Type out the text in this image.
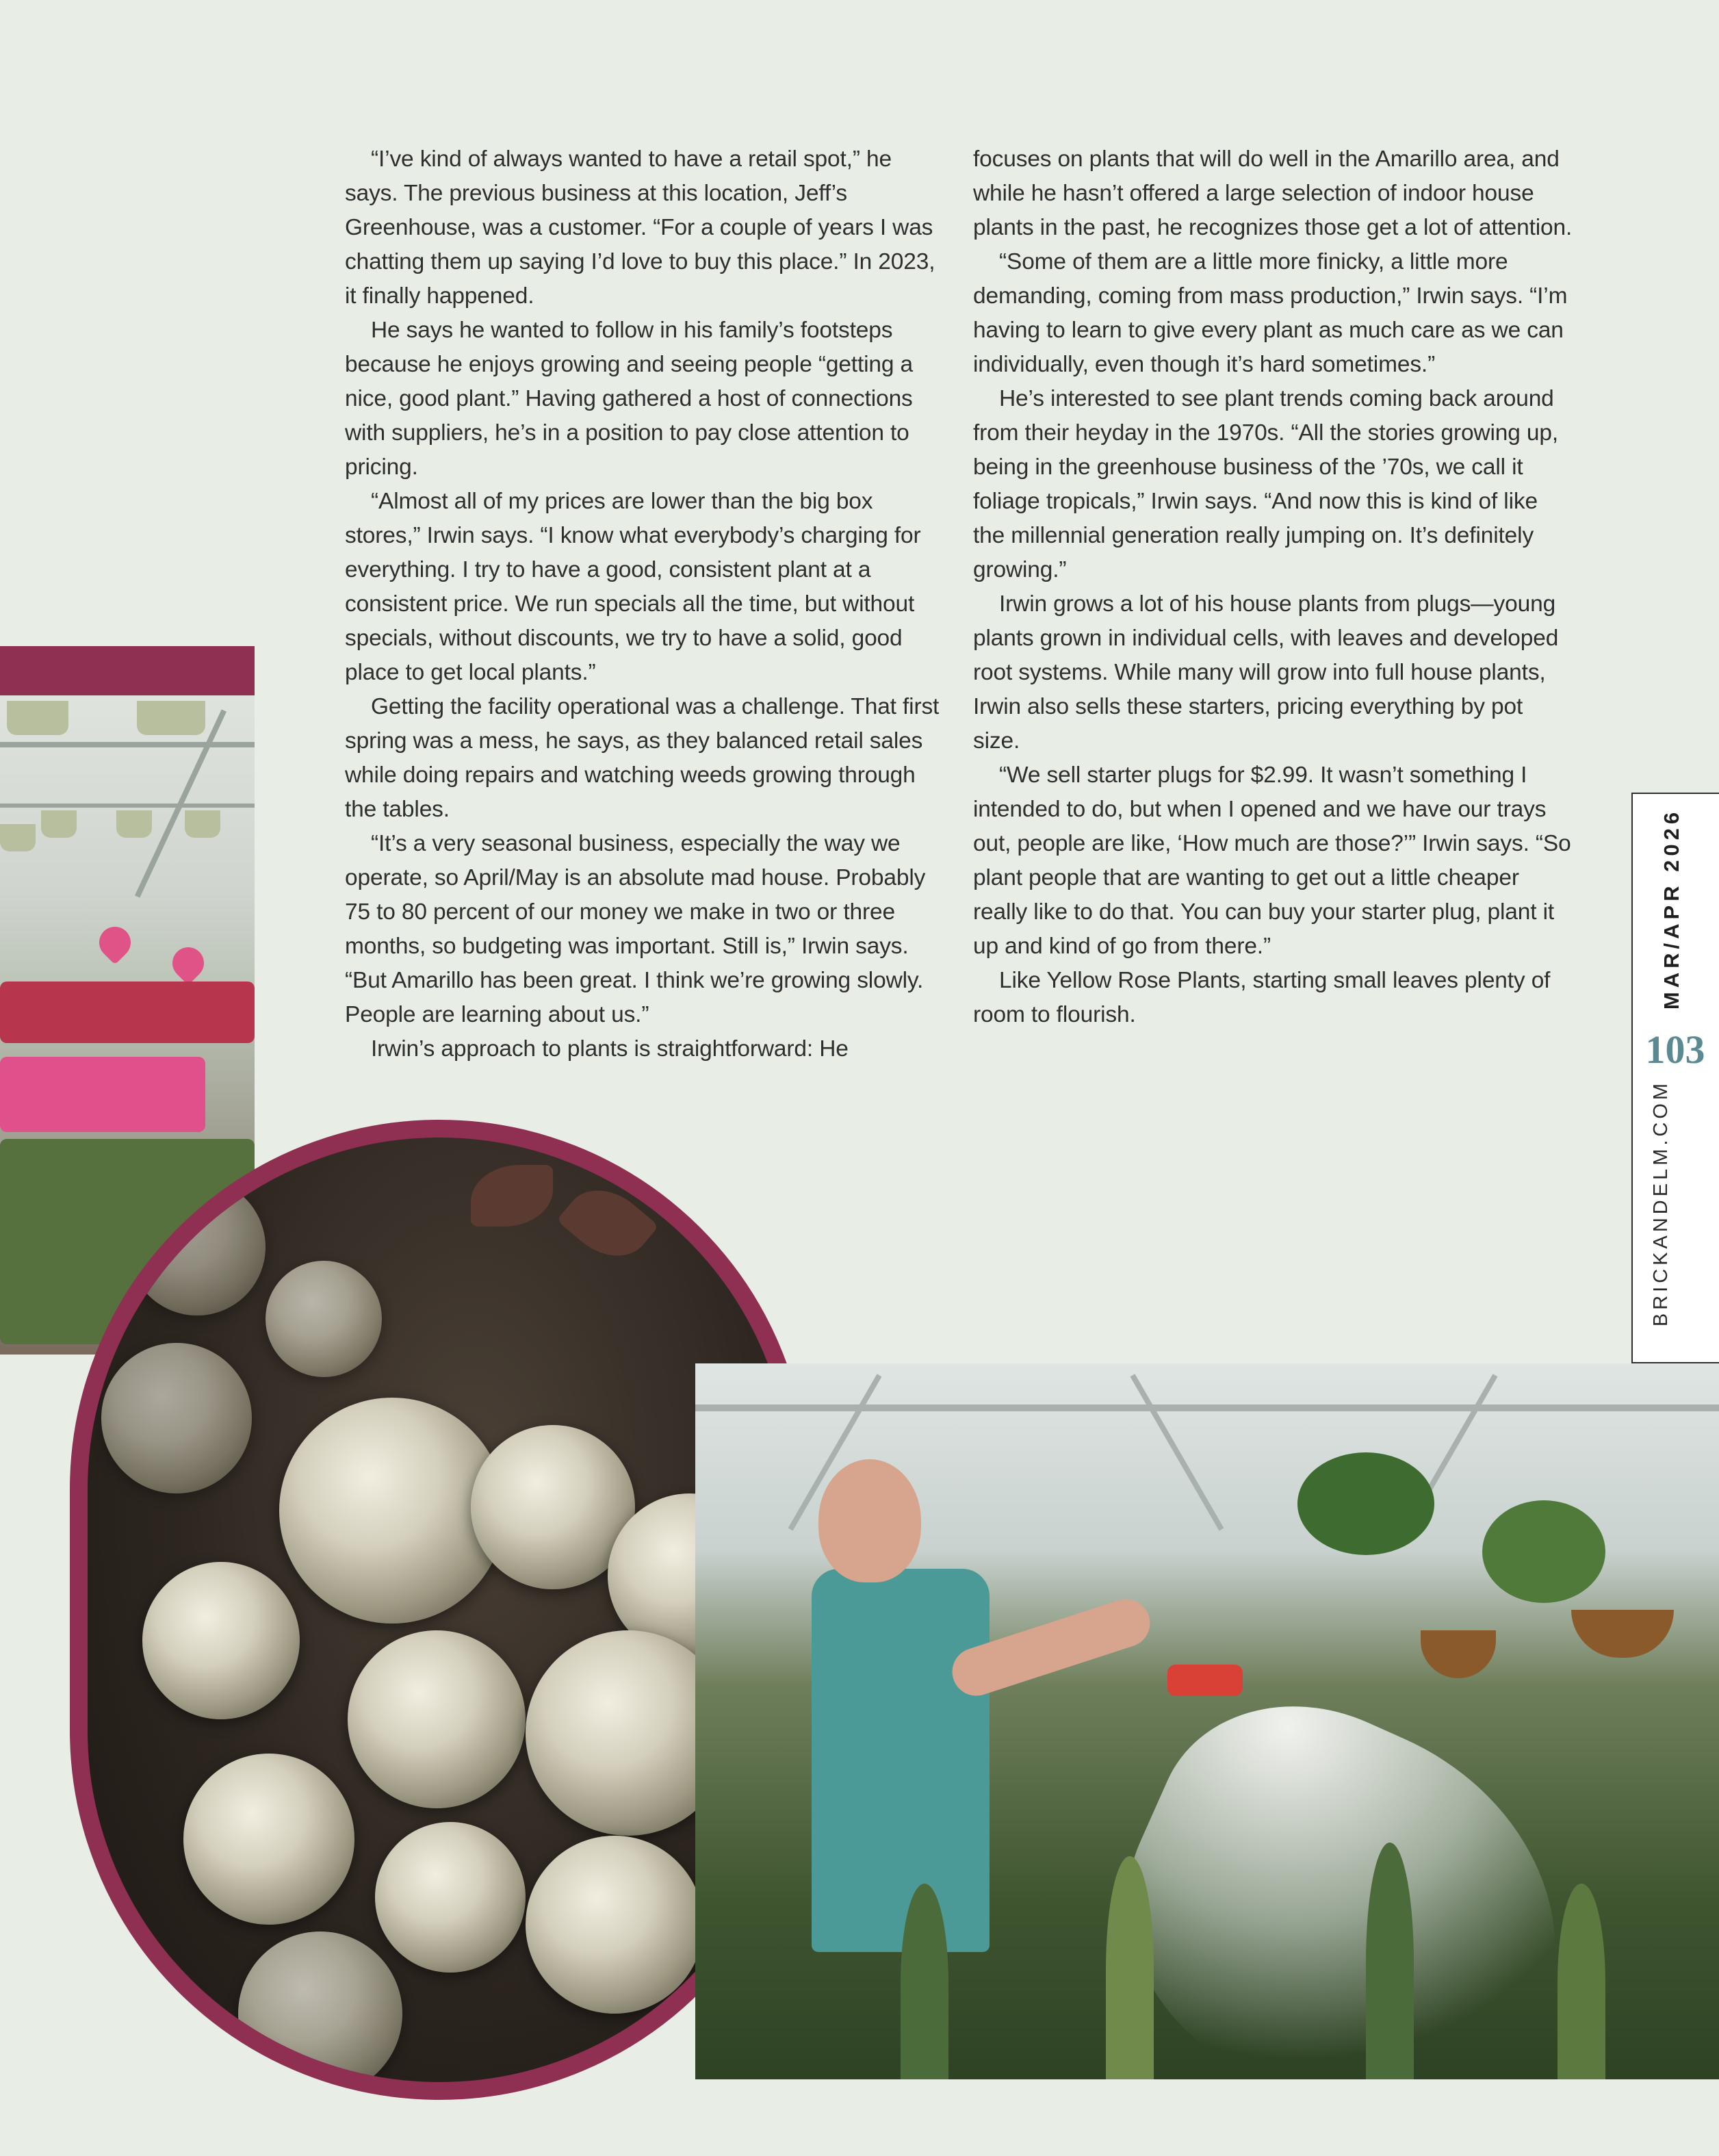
“I’ve kind of always wanted to have a retail spot,” he says. The previous business at this location, Jeff’s Greenhouse, was a customer. “For a couple of years I was chatting them up saying I’d love to buy this place.” In 2023, it finally happened.

He says he wanted to follow in his family’s footsteps because he enjoys growing and seeing people “getting a nice, good plant.” Having gathered a host of connections with suppliers, he’s in a position to pay close attention to pricing.

“Almost all of my prices are lower than the big box stores,” Irwin says. “I know what everybody’s charging for everything. I try to have a good, consistent plant at a consistent price. We run specials all the time, but without specials, without discounts, we try to have a solid, good place to get local plants.”

Getting the facility operational was a challenge. That first spring was a mess, he says, as they balanced retail sales while doing repairs and watching weeds growing through the tables.

“It’s a very seasonal business, especially the way we operate, so April/May is an absolute mad house. Probably 75 to 80 percent of our money we make in two or three months, so budgeting was important. Still is,” Irwin says. “But Amarillo has been great. I think we’re growing slowly. People are learning about us.”

Irwin’s approach to plants is straightforward: He

focuses on plants that will do well in the Amarillo area, and while he hasn’t offered a large selection of indoor house plants in the past, he recognizes those get a lot of attention.

“Some of them are a little more finicky, a little more demanding, coming from mass production,” Irwin says. “I’m having to learn to give every plant as much care as we can individually, even though it’s hard sometimes.”

He’s interested to see plant trends coming back around from their heyday in the 1970s. “All the stories growing up, being in the greenhouse business of the ’70s, we call it foliage tropicals,” Irwin says. “And now this is kind of like the millennial generation really jumping on. It’s definitely growing.”

Irwin grows a lot of his house plants from plugs—young plants grown in individual cells, with leaves and developed root systems. While many will grow into full house plants, Irwin also sells these starters, pricing everything by pot size.

“We sell starter plugs for $2.99. It wasn’t something I intended to do, but when I opened and we have our trays out, people are like, ‘How much are those?’” Irwin says. “So plant people that are wanting to get out a little cheaper really like to do that. You can buy your starter plug, plant it up and kind of go from there.”

Like Yellow Rose Plants, starting small leaves plenty of room to flourish.

MAR/APR 2026
103
BRICKANDELM.COM
